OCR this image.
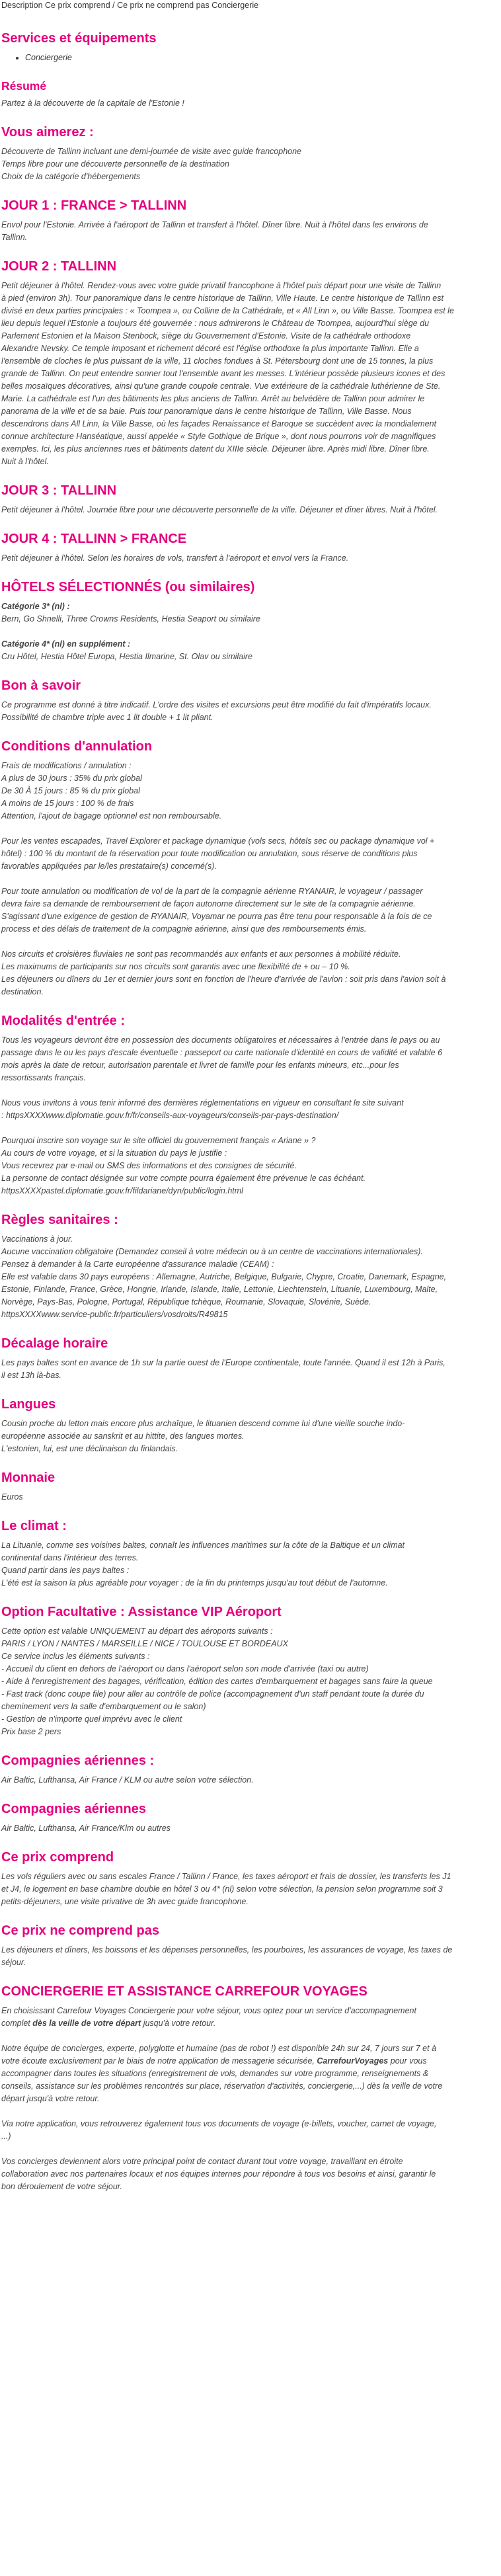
Description Ce prix comprend / Ce prix ne comprend pas Conciergerie
Services et équipements
• Conciergerie
Résumé

Partez à la découverte de la capitale de l'Estonie !

Vous aimerez :

Découverte de Tallinn incluant une demi-journée de visite avec guide francophone

Temps libre pour une découverte personnelle de la destination

Choix de la catégorie d'hébergements

JOUR 1 : FRANCE > TALLINN

Envol pour l'Estonie. Arrivée à l'aéroport de Tallinn et transfert à l'hôtel. Dîner libre. Nuit à l'hôtel dans les environs de

Tallinn.

JOUR 2 : TALLINN

Petit déjeuner à l'hôtel. Rendez-vous avec votre guide privatif francophone à l'hôtel puis départ pour une visite de Tallinn

à pied (environ 3h). Tour panoramique dans le centre historique de Tallinn, Ville Haute. Le centre historique de Tallinn est

divisé en deux parties principales : « Toompea », ou Colline de la Cathédrale, et « All Linn », ou Ville Basse. Toompea est le

lieu depuis lequel l'Estonie a toujours été gouvernée : nous admirerons le Château de Toompea, aujourd'hui siège du

Parlement Estonien et la Maison Stenbock, siège du Gouvernement d'Estonie. Visite de la cathédrale orthodoxe

Alexandre Nevsky. Ce temple imposant et richement décoré est l'église orthodoxe la plus importante Tallinn. Elle a

l'ensemble de cloches le plus puissant de la ville, 11 cloches fondues à St. Pétersbourg dont une de 15 tonnes, la plus

grande de Tallinn. On peut entendre sonner tout l'ensemble avant les messes. L'intérieur possède plusieurs icones et des

belles mosaïques décoratives, ainsi qu'une grande coupole centrale. Vue extérieure de la cathédrale luthérienne de Ste.

Marie. La cathédrale est l'un des bâtiments les plus anciens de Tallinn. Arrêt au belvédère de Tallinn pour admirer le

panorama de la ville et de sa baie. Puis tour panoramique dans le centre historique de Tallinn, Ville Basse. Nous

descendrons dans All Linn, la Ville Basse, où les façades Renaissance et Baroque se succèdent avec la mondialement

connue architecture Hanséatique, aussi appelée « Style Gothique de Brique », dont nous pourrons voir de magnifiques

exemples. Ici, les plus anciennes rues et bâtiments datent du XIIIe siècle. Déjeuner libre. Après midi libre. Dîner libre.

Nuit à l'hôtel.

JOUR 3 : TALLINN

Petit déjeuner à l'hôtel. Journée libre pour une découverte personnelle de la ville. Déjeuner et dîner libres. Nuit à l'hôtel.

JOUR 4 : TALLINN > FRANCE

Petit déjeuner à l'hôtel. Selon les horaires de vols, transfert à l'aéroport et envol vers la France.

HÔTELS SÉLECTIONNÉS (ou similaires)

Catégorie 3* (nl) :

Bern, Go Shnelli, Three Crowns Residents, Hestia Seaport ou similaire

Catégorie 4* (nl) en supplément :

Cru Hôtel, Hestia Hôtel Europa, Hestia Ilmarine, St. Olav ou similaire

Bon à savoir

Ce programme est donné à titre indicatif. L'ordre des visites et excursions peut être modifié du fait d'impératifs locaux.

Possibilité de chambre triple avec 1 lit double + 1 lit pliant.

Conditions d'annulation

Frais de modifications / annulation :

A plus de 30 jours : 35% du prix global

De 30 À 15 jours : 85 % du prix global

A moins de 15 jours : 100 % de frais

Attention, l'ajout de bagage optionnel est non remboursable.

Pour les ventes escapades, Travel Explorer et package dynamique (vols secs, hôtels sec ou package dynamique vol +

hôtel) : 100 % du montant de la réservation pour toute modification ou annulation, sous réserve de conditions plus

favorables appliquées par le/les prestataire(s) concerné(s).

Pour toute annulation ou modification de vol de la part de la compagnie aérienne RYANAIR, le voyageur / passager

devra faire sa demande de remboursement de façon autonome directement sur le site de la compagnie aérienne.

S'agissant d'une exigence de gestion de RYANAIR, Voyamar ne pourra pas être tenu pour responsable à la fois de ce

process et des délais de traitement de la compagnie aérienne, ainsi que des remboursements émis.

Nos circuits et croisières fluviales ne sont pas recommandés aux enfants et aux personnes à mobilité réduite.

Les maximums de participants sur nos circuits sont garantis avec une flexibilité de + ou – 10 %.

Les déjeuners ou dîners du 1er et dernier jours sont en fonction de l'heure d'arrivée de l'avion : soit pris dans l'avion soit à

destination.

Modalités d'entrée :

Tous les voyageurs devront être en possession des documents obligatoires et nécessaires à l'entrée dans le pays ou au

passage dans le ou les pays d'escale éventuelle : passeport ou carte nationale d'identité en cours de validité et valable 6

mois après la date de retour, autorisation parentale et livret de famille pour les enfants mineurs, etc...pour les

ressortissants français.

Nous vous invitons à vous tenir informé des dernières réglementations en vigueur en consultant le site suivant

: httpsXXXXwww.diplomatie.gouv.fr/fr/conseils-aux-voyageurs/conseils-par-pays-destination/

Pourquoi inscrire son voyage sur le site officiel du gouvernement français « Ariane » ?

Au cours de votre voyage, et si la situation du pays le justifie :

Vous recevrez par e-mail ou SMS des informations et des consignes de sécurité.

La personne de contact désignée sur votre compte pourra également être prévenue le cas échéant.

httpsXXXXpastel.diplomatie.gouv.fr/fildariane/dyn/public/login.html

Règles sanitaires :

Vaccinations à jour.

Aucune vaccination obligatoire (Demandez conseil à votre médecin ou à un centre de vaccinations internationales).

Pensez à demander à la Carte européenne d'assurance maladie (CEAM) :

Elle est valable dans 30 pays européens : Allemagne, Autriche, Belgique, Bulgarie, Chypre, Croatie, Danemark, Espagne,

Estonie, Finlande, France, Grèce, Hongrie, Irlande, Islande, Italie, Lettonie, Liechtenstein, Lituanie, Luxembourg, Malte,

Norvège, Pays-Bas, Pologne, Portugal, République tchèque, Roumanie, Slovaquie, Slovénie, Suède.

httpsXXXXwww.service-public.fr/particuliers/vosdroits/R49815

Décalage horaire

Les pays baltes sont en avance de 1h sur la partie ouest de l'Europe continentale, toute l'année. Quand il est 12h à Paris,

il est 13h là-bas.

Langues

Cousin proche du letton mais encore plus archaïque, le lituanien descend comme lui d'une vieille souche indo-

européenne associée au sanskrit et au hittite, des langues mortes.

L'estonien, lui, est une déclinaison du finlandais.

Monnaie

Euros

Le climat :

La Lituanie, comme ses voisines baltes, connaît les influences maritimes sur la côte de la Baltique et un climat

continental dans l'intérieur des terres.

Quand partir dans les pays baltes :

L'été est la saison la plus agréable pour voyager : de la fin du printemps jusqu'au tout début de l'automne.

Option Facultative : Assistance VIP Aéroport

Cette option est valable UNIQUEMENT au départ des aéroports suivants :

PARIS / LYON / NANTES / MARSEILLE / NICE / TOULOUSE ET BORDEAUX

Ce service inclus les éléments suivants :

- Accueil du client en dehors de l'aéroport ou dans l'aéroport selon son mode d'arrivée (taxi ou autre)

- Aide à l'enregistrement des bagages, vérification, édition des cartes d'embarquement et bagages sans faire la queue

- Fast track (donc coupe file) pour aller au contrôle de police (accompagnement d'un staff pendant toute la durée du

cheminement vers la salle d'embarquement ou le salon)

- Gestion de n'importe quel imprévu avec le client

Prix base 2 pers

Compagnies aériennes :

Air Baltic, Lufthansa, Air France / KLM ou autre selon votre sélection.

Compagnies aériennes

Air Baltic, Lufthansa, Air France/Klm ou autres

Ce prix comprend

Les vols réguliers avec ou sans escales France / Tallinn / France, les taxes aéroport et frais de dossier, les transferts les J1

et J4, le logement en base chambre double en hôtel 3 ou 4* (nl) selon votre sélection, la pension selon programme soit 3

petits-déjeuners, une visite privative de 3h avec guide francophone.

Ce prix ne comprend pas

Les déjeuners et dîners, les boissons et les dépenses personnelles, les pourboires, les assurances de voyage, les taxes de

séjour.

CONCIERGERIE ET ASSISTANCE CARREFOUR VOYAGES

En choisissant Carrefour Voyages Conciergerie pour votre séjour, vous optez pour un service d'accompagnement

complet dès la veille de votre départ jusqu'à votre retour.

Notre équipe de concierges, experte, polyglotte et humaine (pas de robot !) est disponible 24h sur 24, 7 jours sur 7 et à

votre écoute exclusivement par le biais de notre application de messagerie sécurisée, CarrefourVoyages pour vous

accompagner dans toutes les situations (enregistrement de vols, demandes sur votre programme, renseignements &

conseils, assistance sur les problèmes rencontrés sur place, réservation d'activités, conciergerie,...) dès la veille de votre

départ jusqu'à votre retour.

Via notre application, vous retrouverez également tous vos documents de voyage (e-billets, voucher, carnet de voyage,

...)

Vos concierges deviennent alors votre principal point de contact durant tout votre voyage, travaillant en étroite

collaboration avec nos partenaires locaux et nos équipes internes pour répondre à tous vos besoins et ainsi, garantir le

bon déroulement de votre séjour.
